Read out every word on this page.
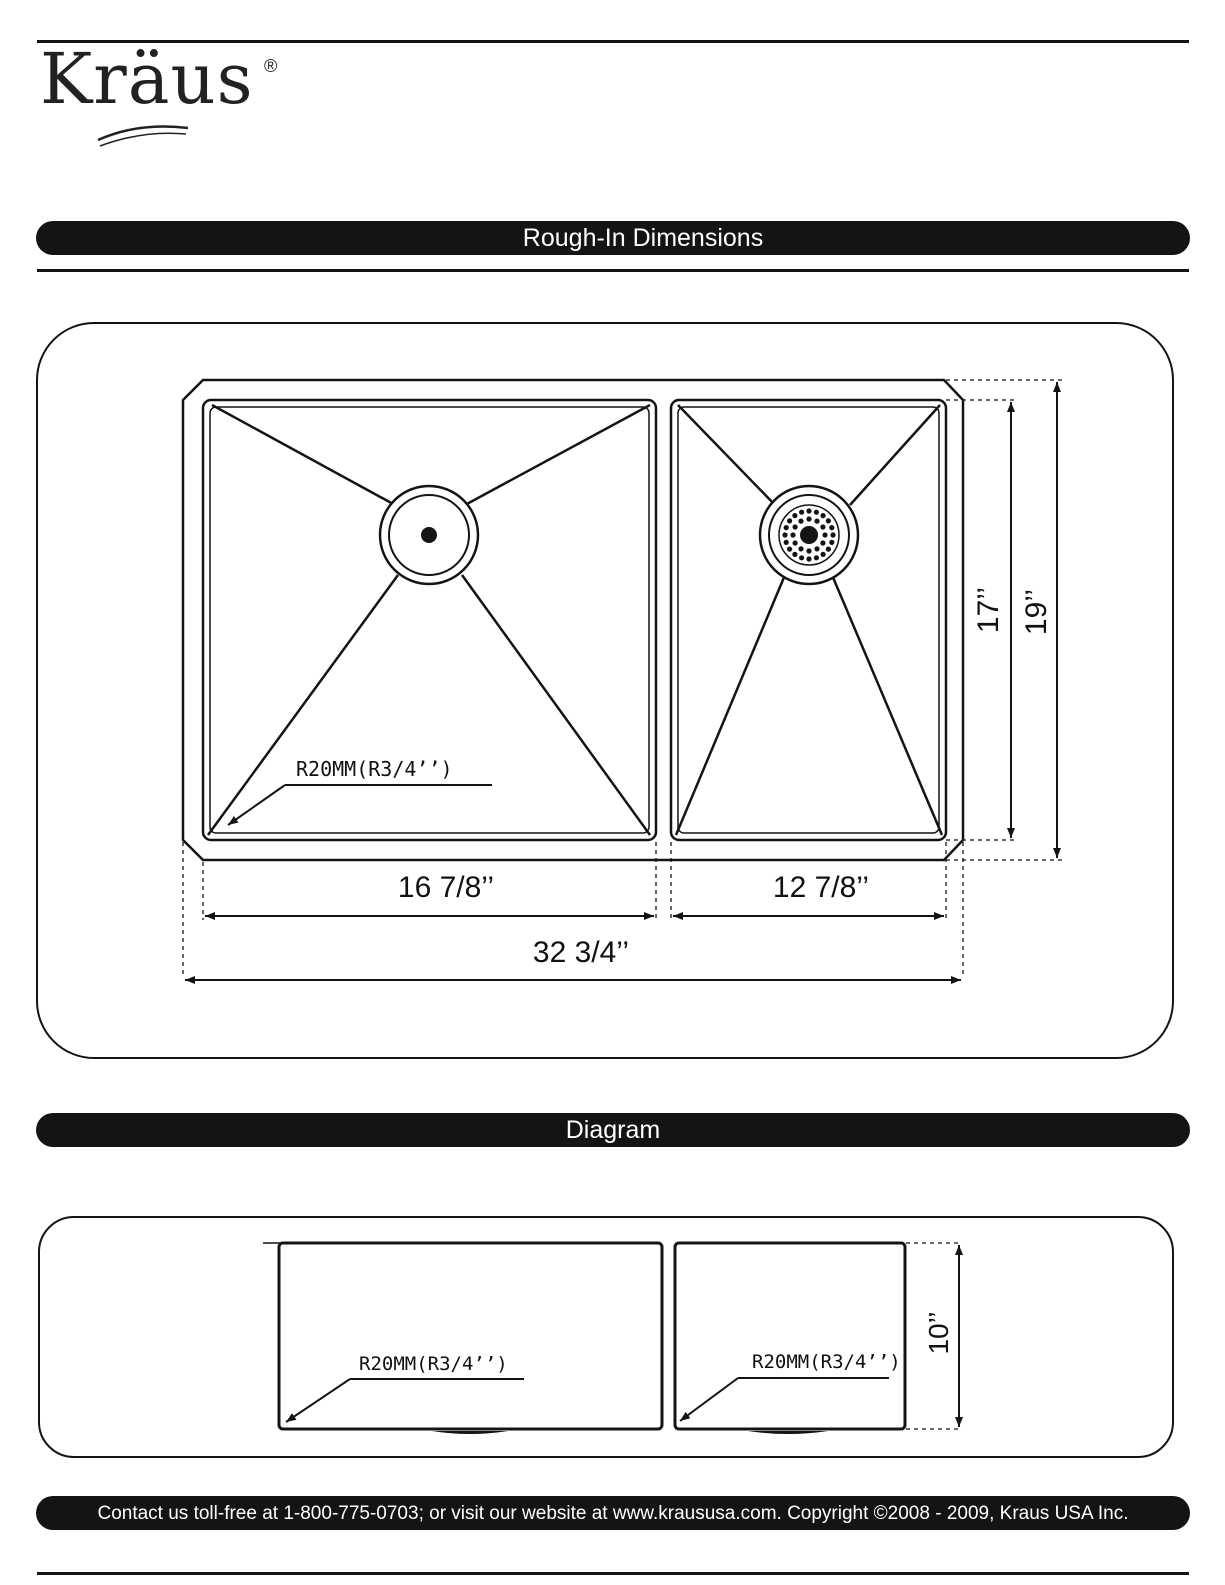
Kräus ®
Rough-In Dimensions
R20MM(R3/4’’)
16 7/8’’	12 7/8’’
32 3/4’’
17’’ 19’’
Diagram
R20MM(R3/4’’)	R20MM(R3/4’’)
10’’
Contact us toll-free at 1-800-775-0703; or visit our website at www.kraususa.com. Copyright ©2008 - 2009, Kraus USA Inc.
